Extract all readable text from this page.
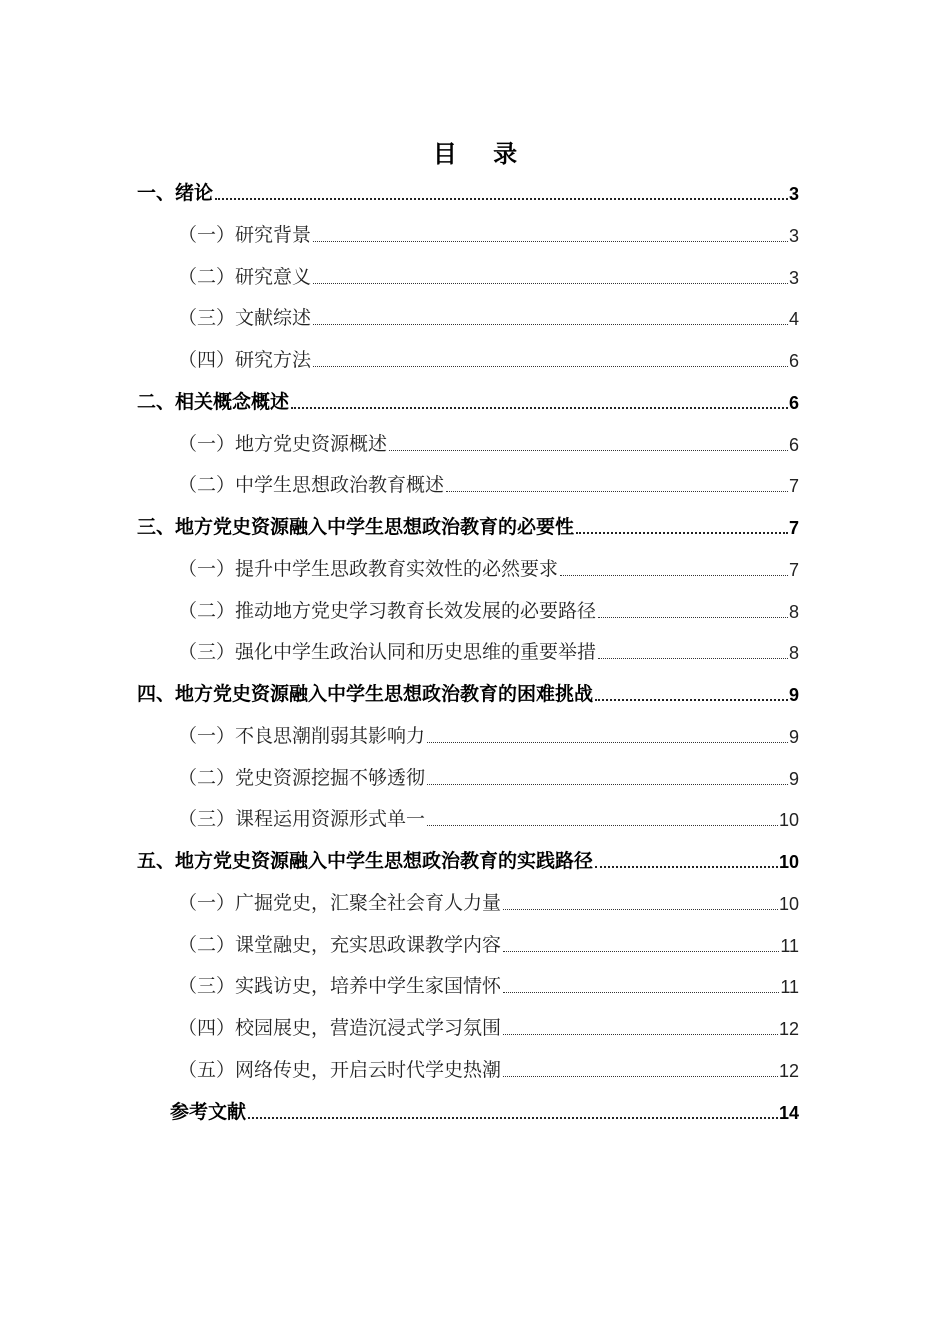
目 录
一、绪论	3
（一）研究背景	3
（二）研究意义	3
（三）文献综述	4
（四）研究方法	6
二、相关概念概述	6
（一）地方党史资源概述	6
（二）中学生思想政治教育概述	7
三、地方党史资源融入中学生思想政治教育的必要性	7
（一）提升中学生思政教育实效性的必然要求	7
（二）推动地方党史学习教育长效发展的必要路径	8
（三）强化中学生政治认同和历史思维的重要举措	8
四、地方党史资源融入中学生思想政治教育的困难挑战	9
（一）不良思潮削弱其影响力	9
（二）党史资源挖掘不够透彻	9
（三）课程运用资源形式单一	10
五、地方党史资源融入中学生思想政治教育的实践路径	10
（一）广掘党史，汇聚全社会育人力量	10
（二）课堂融史，充实思政课教学内容	11
（三）实践访史，培养中学生家国情怀	11
（四）校园展史，营造沉浸式学习氛围	12
（五）网络传史，开启云时代学史热潮	12
参考文献	14
